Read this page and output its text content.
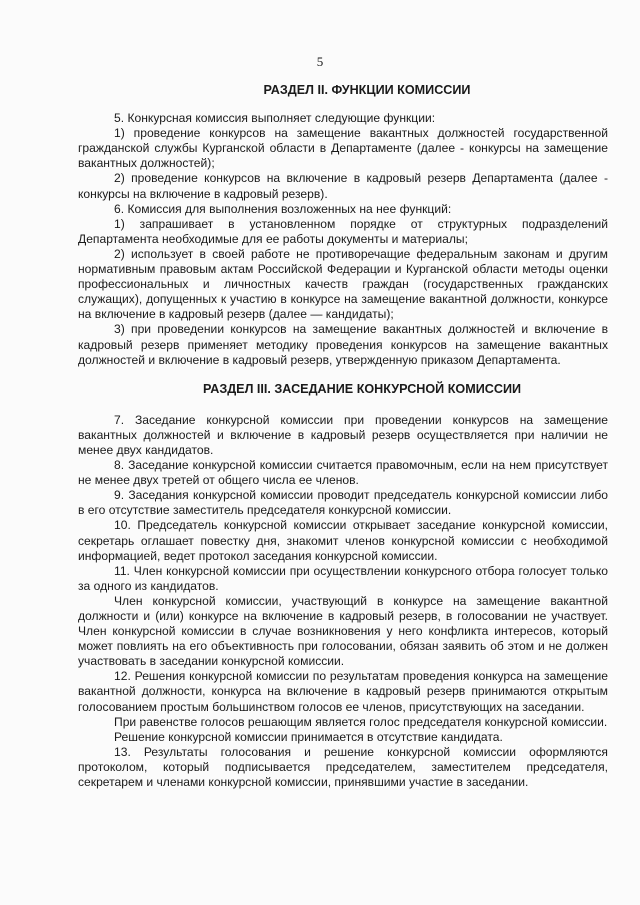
5
РАЗДЕЛ II. ФУНКЦИИ КОМИССИИ

5. Конкурсная комиссия выполняет следующие функции:

1) проведение конкурсов на замещение вакантных должностей государственной гражданской службы Курганской области в Департаменте (далее - конкурсы на замещение вакантных должностей);

2) проведение конкурсов на включение в кадровый резерв Департамента (далее - конкурсы на включение в кадровый резерв).

6. Комиссия для выполнения возложенных на нее функций:

1) запрашивает в установленном порядке от структурных подразделений Департамента необходимые для ее работы документы и материалы;

2) использует в своей работе не противоречащие федеральным законам и другим нормативным правовым актам Российской Федерации и Курганской области методы оценки профессиональных и личностных качеств граждан (государственных гражданских служащих), допущенных к участию в конкурсе на замещение вакантной должности, конкурсе на включение в кадровый резерв (далее — кандидаты);

3) при проведении конкурсов на замещение вакантных должностей и включение в кадровый резерв применяет методику проведения конкурсов на замещение вакантных должностей и включение в кадровый резерв, утвержденную приказом Департамента.

РАЗДЕЛ III. ЗАСЕДАНИЕ КОНКУРСНОЙ КОМИССИИ

7. Заседание конкурсной комиссии при проведении конкурсов на замещение вакантных должностей и включение в кадровый резерв осуществляется при наличии не менее двух кандидатов.

8. Заседание конкурсной комиссии считается правомочным, если на нем присутствует не менее двух третей от общего числа ее членов.

9. Заседания конкурсной комиссии проводит председатель конкурсной комиссии либо в его отсутствие заместитель председателя конкурсной комиссии.

10. Председатель конкурсной комиссии открывает заседание конкурсной комиссии, секретарь оглашает повестку дня, знакомит членов конкурсной комиссии с необходимой информацией, ведет протокол заседания конкурсной комиссии.

11. Член конкурсной комиссии при осуществлении конкурсного отбора голосует только за одного из кандидатов.

Член конкурсной комиссии, участвующий в конкурсе на замещение вакантной должности и (или) конкурсе на включение в кадровый резерв, в голосовании не участвует. Член конкурсной комиссии в случае возникновения у него конфликта интересов, который может повлиять на его объективность при голосовании, обязан заявить об этом и не должен участвовать в заседании конкурсной комиссии.

12. Решения конкурсной комиссии по результатам проведения конкурса на замещение вакантной должности, конкурса на включение в кадровый резерв принимаются открытым голосованием простым большинством голосов ее членов, присутствующих на заседании.

При равенстве голосов решающим является голос председателя конкурсной комиссии.

Решение конкурсной комиссии принимается в отсутствие кандидата.

13. Результаты голосования и решение конкурсной комиссии оформляются протоколом, который подписывается председателем, заместителем председателя, секретарем и членами конкурсной комиссии, принявшими участие в заседании.
